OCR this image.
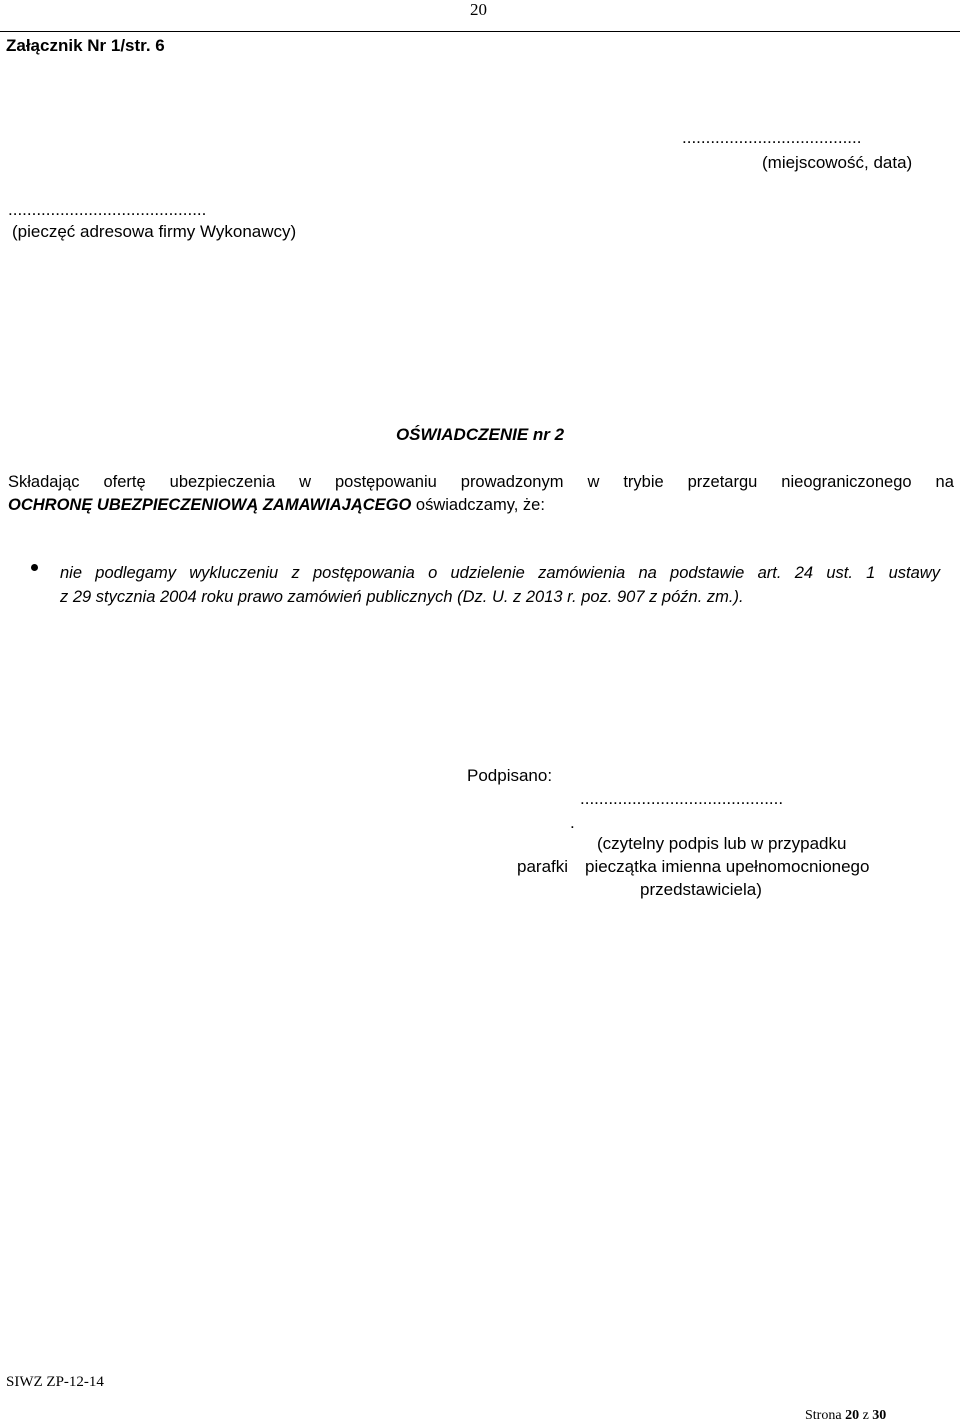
20
Załącznik Nr 1/str. 6
......................................
(miejscowość, data)
..........................................
(pieczęć adresowa firmy Wykonawcy)
OŚWIADCZENIE nr 2
Składając ofertę ubezpieczenia w postępowaniu prowadzonym w trybie przetargu nieograniczonego na
OCHRONĘ UBEZPIECZENIOWĄ ZAMAWIAJĄCEGO oświadczamy, że:
nie podlegamy wykluczeniu z postępowania o udzielenie zamówienia na podstawie art. 24 ust. 1 ustawy
z 29 stycznia 2004 roku prawo zamówień publicznych (Dz. U. z 2013 r. poz. 907 z późn. zm.).
Podpisano:
...........................................
.
(czytelny podpis lub w przypadku
parafki pieczątka imienna upełnomocnionego
przedstawiciela)
SIWZ ZP-12-14
Strona 20 z 30
